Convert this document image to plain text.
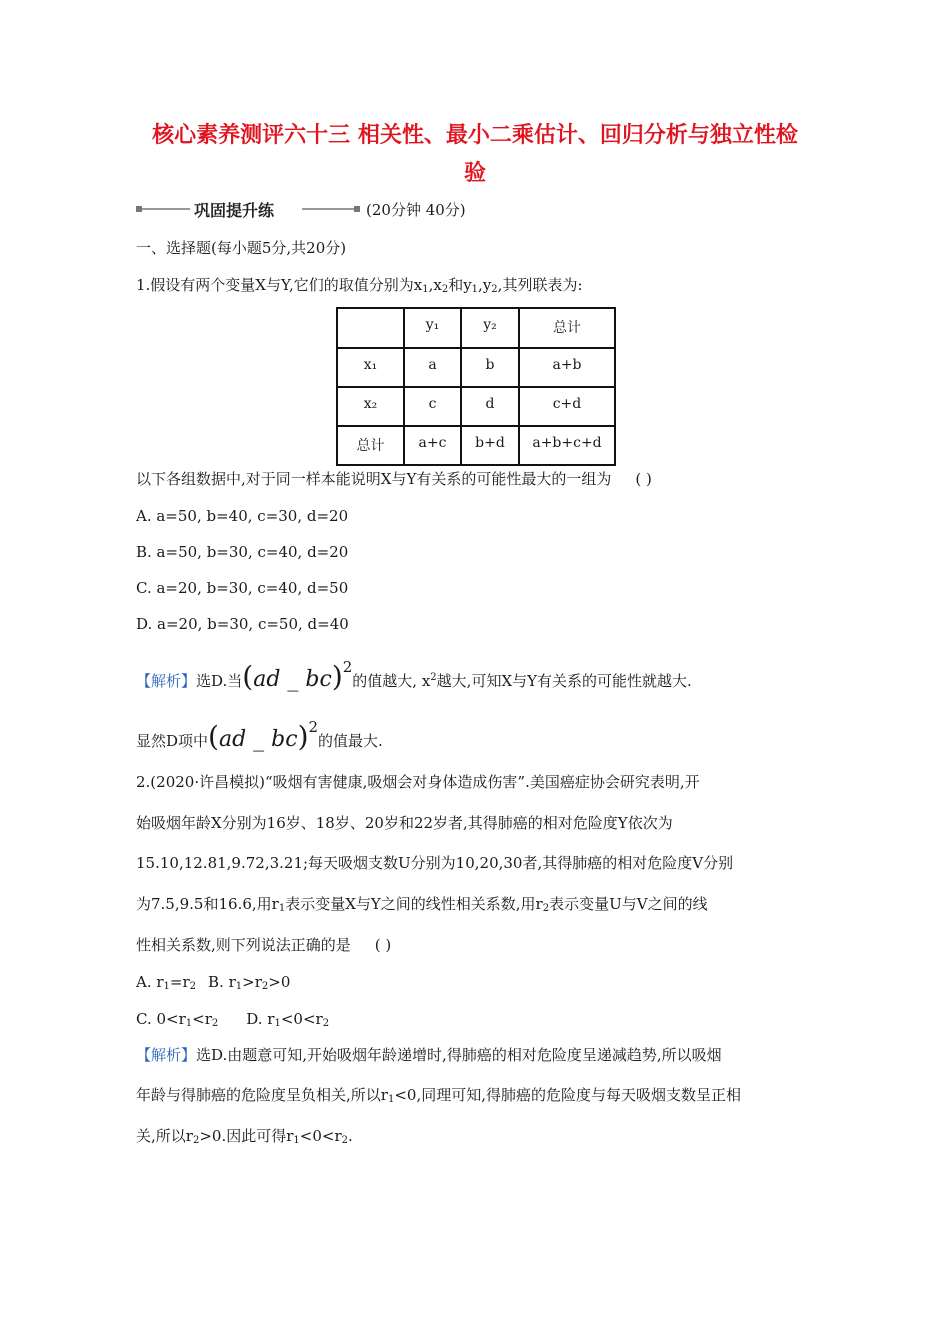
核心素养测评六十三 相关性、最小二乘估计、回归分析与独立性检
验
巩固提升练	(20分钟 40分)
一、选择题(每小题5分,共20分)
1.假设有两个变量X与Y,它们的取值分别为$x_1,x_2$和$y_1,y_2$,其列联表为:
	y₁	y₂	总计
x₁	a	b	a+b
x₂	c	d	c+d
总计	a+c	b+d	a+b+c+d
以下各组数据中,对于同一样本能说明X与Y有关系的可能性最大的一组为 ( )
A. a=50, b=40, c=30, d=20
B. a=50, b=30, c=40, d=20
C. a=20, b=30, c=40, d=50
D. a=20, b=30, c=50, d=40
【解析】选D.当(ad _ bc)$^2$的值越大, $x^2$越大,可知X与Y有关系的可能性就越大.
显然D项中(ad _ bc)$^2$的值最大.
2.(2020·许昌模拟)“吸烟有害健康,吸烟会对身体造成伤害”.美国癌症协会研究表明,开
始吸烟年龄X分别为16岁、18岁、20岁和22岁者,其得肺癌的相对危险度Y依次为
15.10,12.81,9.72,3.21;每天吸烟支数U分别为10,20,30者,其得肺癌的相对危险度V分别
为7.5,9.5和16.6,用$r_1$表示变量X与Y之间的线性相关系数,用$r_2$表示变量U与V之间的线
性相关系数,则下列说法正确的是 ( )
A. $r_1=r_2$ B. $r_1>r_2>0$
C. $0<r_1<r_2$ D. $r_1<0<r_2$
【解析】选D.由题意可知,开始吸烟年龄递增时,得肺癌的相对危险度呈递减趋势,所以吸烟
年龄与得肺癌的危险度呈负相关,所以$r_1<0$,同理可知,得肺癌的危险度与每天吸烟支数呈正相
关,所以$r_2>0$.因此可得$r_1<0<r_2$.
